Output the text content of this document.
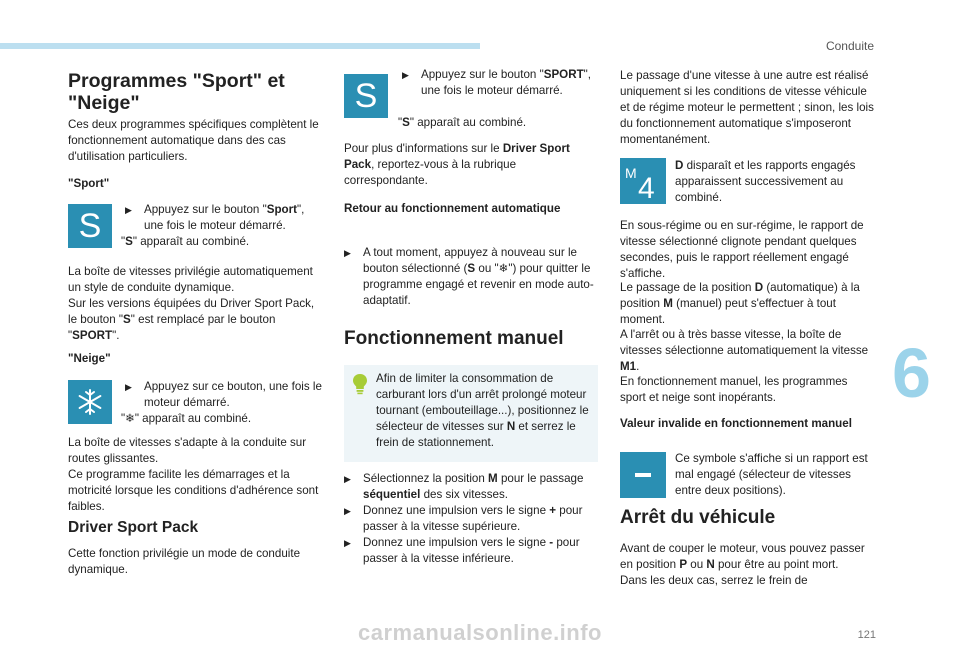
Conduite
Programmes "Sport" et "Neige"

Ces deux programmes spécifiques complètent le fonctionnement automatique dans des cas d'utilisation particuliers.

"Sport"
S	▶	Appuyez sur le bouton "Sport", une fois le moteur démarré.

"S" apparaît au combiné.

La boîte de vitesses privilégie automatiquement un style de conduite dynamique.

Sur les versions équipées du Driver Sport Pack, le bouton "S" est remplacé par le bouton "SPORT".

"Neige"
▶	Appuyez sur ce bouton, une fois le moteur démarré.

"❄" apparaît au combiné.

La boîte de vitesses s'adapte à la conduite sur routes glissantes.

Ce programme facilite les démarrages et la motricité lorsque les conditions d'adhérence sont faibles.

Driver Sport Pack

Cette fonction privilégie un mode de conduite dynamique.

S
▶	Appuyez sur le bouton "SPORT", une fois le moteur démarré.

"S" apparaît au combiné.

Pour plus d'informations sur le Driver Sport Pack, reportez-vous à la rubrique correspondante.

Retour au fonctionnement automatique
▶	A tout moment, appuyez à nouveau sur le bouton sélectionné (S ou "❄") pour quitter le programme engagé et revenir en mode auto-adaptatif.
Fonctionnement manuel

Afin de limiter la consommation de carburant lors d'un arrêt prolongé moteur tournant (embouteillage...), positionnez le sélecteur de vitesses sur N et serrez le frein de stationnement.

▶	Sélectionnez la position M pour le passage séquentiel des six vitesses.
▶	Donnez une impulsion vers le signe + pour passer à la vitesse supérieure.
▶	Donnez une impulsion vers le signe - pour passer à la vitesse inférieure.

Le passage d'une vitesse à une autre est réalisé uniquement si les conditions de vitesse véhicule et de régime moteur le permettent ; sinon, les lois du fonctionnement automatique s'imposeront momentanément.

M 4

D disparaît et les rapports engagés apparaissent successivement au combiné.

En sous-régime ou en sur-régime, le rapport de vitesse sélectionné clignote pendant quelques secondes, puis le rapport réellement engagé s'affiche.

Le passage de la position D (automatique) à la position M (manuel) peut s'effectuer à tout moment.

A l'arrêt ou à très basse vitesse, la boîte de vitesses sélectionne automatiquement la vitesse M1.

En fonctionnement manuel, les programmes sport et neige sont inopérants.

Valeur invalide en fonctionnement manuel

Ce symbole s'affiche si un rapport est mal engagé (sélecteur de vitesses entre deux positions).

Arrêt du véhicule

Avant de couper le moteur, vous pouvez passer en position P ou N pour être au point mort.

Dans les deux cas, serrez le frein de

6
121
carmanualsonline.info
